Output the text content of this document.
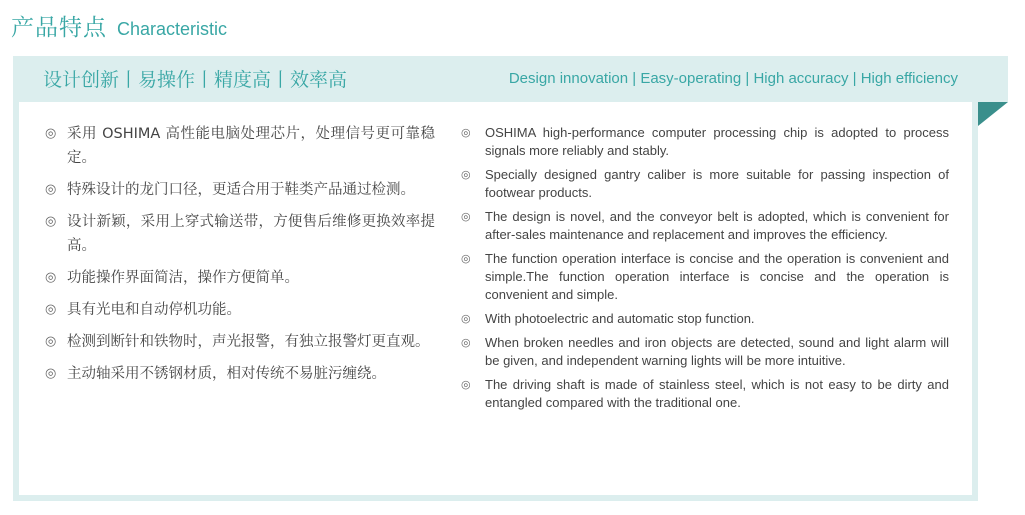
产品特点 Characteristic
设计创新丨易操作丨精度高丨效率高	Design innovation | Easy-operating | High accuracy | High efficiency
◎ 采用 OSHIMA 高性能电脑处理芯片，处理信号更可靠稳定。
◎ 特殊设计的龙门口径，更适合用于鞋类产品通过检测。
◎ 设计新颖，采用上穿式输送带，方便售后维修更换效率提高。
◎ 功能操作界面简洁，操作方便简单。
◎ 具有光电和自动停机功能。
◎ 检测到断针和铁物时，声光报警，有独立报警灯更直观。
◎ 主动轴采用不锈钢材质，相对传统不易脏污缠绕。
◎ OSHIMA high-performance computer processing chip is adopted to process signals more reliably and stably.
◎ Specially designed gantry caliber is more suitable for passing inspection of footwear products.
◎ The design is novel, and the conveyor belt is adopted, which is convenient for after-sales maintenance and replacement and improves the efficiency.
◎ The function operation interface is concise and the operation is convenient and simple.The function operation interface is concise and the operation is convenient and simple.
◎ With photoelectric and automatic stop function.
◎ When broken needles and iron objects are detected, sound and light alarm will be given, and independent warning lights will be more intuitive.
◎ The driving shaft is made of stainless steel, which is not easy to be dirty and entangled compared with the traditional one.
